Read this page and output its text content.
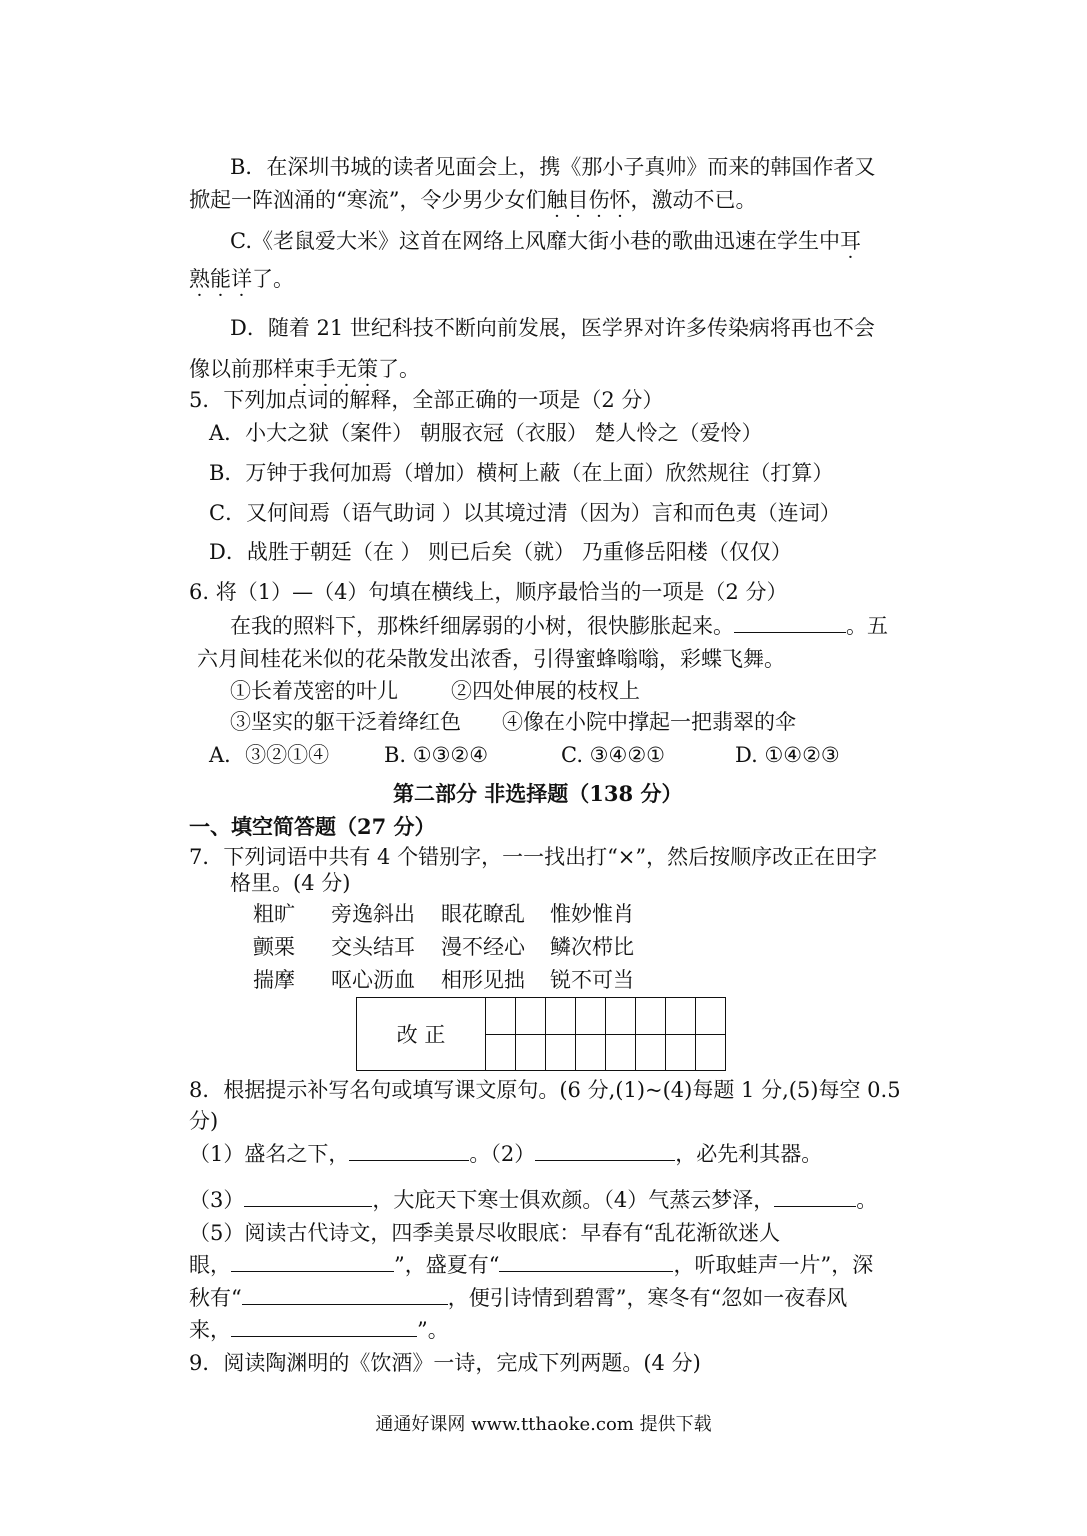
B．在深圳书城的读者见面会上，携《那小子真帅》而来的韩国作者又
掀起一阵汹涌的“寒流”，令少男少女们触目伤怀，激动不已。
C.《老鼠爱大米》这首在网络上风靡大街小巷的歌曲迅速在学生中耳
熟能详了。
D．随着 21 世纪科技不断向前发展，医学界对许多传染病将再也不会
像以前那样束手无策了。
5．下列加点词的解释，全部正确的一项是（2 分）
A．小大之狱（案件） 朝服衣冠（衣服） 楚人怜之（爱怜）
B．万钟于我何加焉（增加）横柯上蔽（在上面）欣然规往（打算）
C．又何间焉（语气助词 ）以其境过清（因为）言和而色夷（连词）
D．战胜于朝廷（在 ） 则已后矣（就） 乃重修岳阳楼（仅仅）
6. 将（1）—（4）句填在横线上，顺序最恰当的一项是（2 分）
在我的照料下，那株纤细孱弱的小树，很快膨胀起来。	。五
六月间桂花米似的花朵散发出浓香，引得蜜蜂嗡嗡，彩蝶飞舞。
①长着茂密的叶儿	②四处伸展的枝杈上
③坚实的躯干泛着绛红色 ④像在小院中撑起一把翡翠的伞
A．③②①④	B. ①③②④	C. ③④②①	D. ①④②③
第二部分 非选择题（138 分）
一、填空简答题（27 分）
7．下列词语中共有 4 个错别字，一一找出打“×”，然后按顺序改正在田字
格里。(4 分)
粗旷 旁逸斜出 眼花瞭乱 惟妙惟肖
颤栗 交头结耳 漫不经心 鳞次栉比
揣摩 呕心沥血 相形见拙 锐不可当
改 正								

8．根据提示补写名句或填写课文原句。(6 分,(1)~(4)每题 1 分,(5)每空 0.5
分)
（1）盛名之下，	。（2）	，必先利其器。
（3）	，大庇天下寒士俱欢颜。（4）气蒸云梦泽，	。
（5）阅读古代诗文，四季美景尽收眼底：早春有“乱花渐欲迷人
眼，	”，盛夏有“	，听取蛙声一片”，深
秋有“	，便引诗情到碧霄”，寒冬有“忽如一夜春风
来，	”。
9．阅读陶渊明的《饮酒》一诗，完成下列两题。(4 分)
通通好课网 www.tthaoke.com 提供下载
